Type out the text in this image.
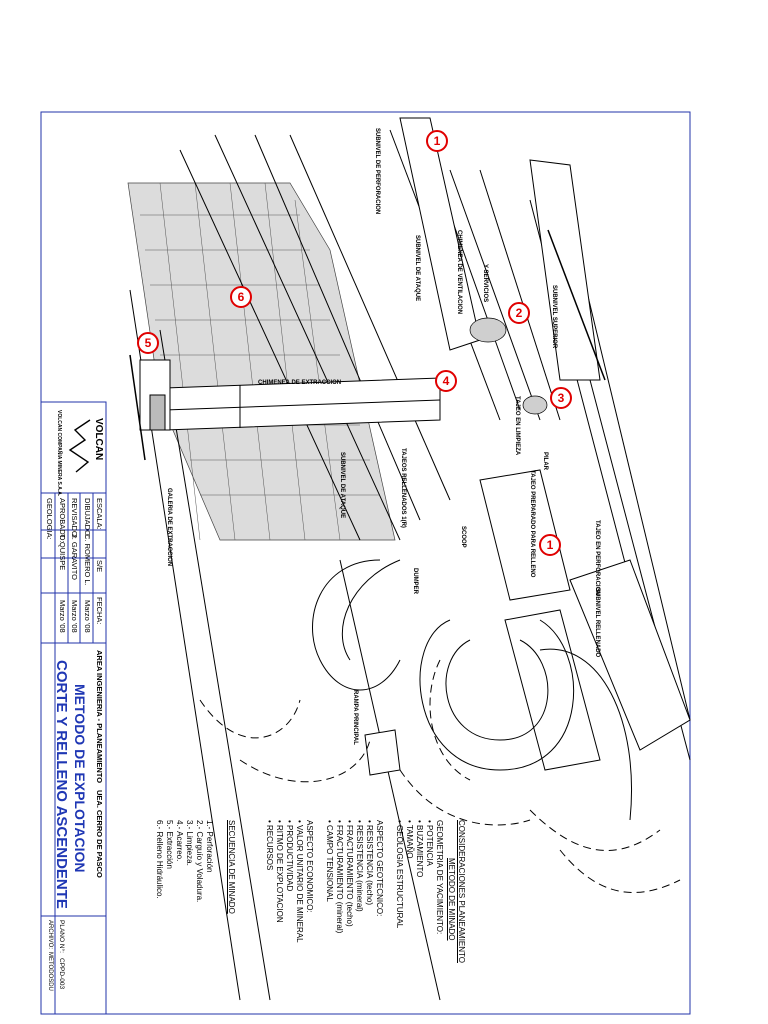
1
2
3
4
5
6
1
SUBNIVEL DE PERFORACION
SUBNIVEL DE ATAQUE	CHIMENEA DE VENTILACION	Y SERVICIOS
SUBNIVEL SUPERIOR
CHIMENEA DE EXTRACCION
TAJEO EN LIMPIEZA
PILAR
TAJEO PREPARADO PARA RELLENO	TAJEO EN PERFORACION
SUBNIVEL RELLENADO
TAJEOS RELLENADOS 1(R)
SUBNIVEL DE ATAQUE
GALERIA DE EXTRACCION
RAMPA PRINCIPAL
SCOOP
DUMPER
VOLCAN
VOLCAN COMPAÑIA MINERA S.A.A.
ESCALA:
S/E
FECHA:
DIBUJADO:
C. ROMERO L.
Marzo '08
REVISADO:
J. GARAVITO
Marzo '08
APROBADO:
T. QUISPE
Marzo '08
GEOLOGIA:
AREA INGENIERIA - PLANEAMIENTO
UEA. CERRO DE PASCO
METODO DE EXPLOTACION
CORTE Y RELLENO ASCENDENTE
PLANO N°:
CPPD-003
ARCHIVO:
METODOSDU
CONSIDERACIONES PLANEAMIENTO
METODO DE MINADO
GEOMETRIA DE YACIMIENTO:
• POTENCIA
• BUZAMIENTO
• TAMAÑO
• GEOLOGIA ESTRUCTURAL

ASPECTO GEOTECNICO:
• RESISTENCIA (techo)
• RESISTENCIA (mineral)
• FRACTURAMIENTO (techo)
• FRACTURAMIENTO (mineral)
• CAMPO TENSIONAL

ASPECTO ECONOMICO:
• VALOR UNITARIO DE MINERAL
• PRODUCTIVIDAD
• RITMO DE EXPLOTACION
• RECURSOS
SECUENCIA DE MINADO
1.- Perforación
2.- Carguío y Voladura.
3.- Limpieza.
4.- Acarreo.
5.- Extracción
6.- Relleno Hidráulico.
